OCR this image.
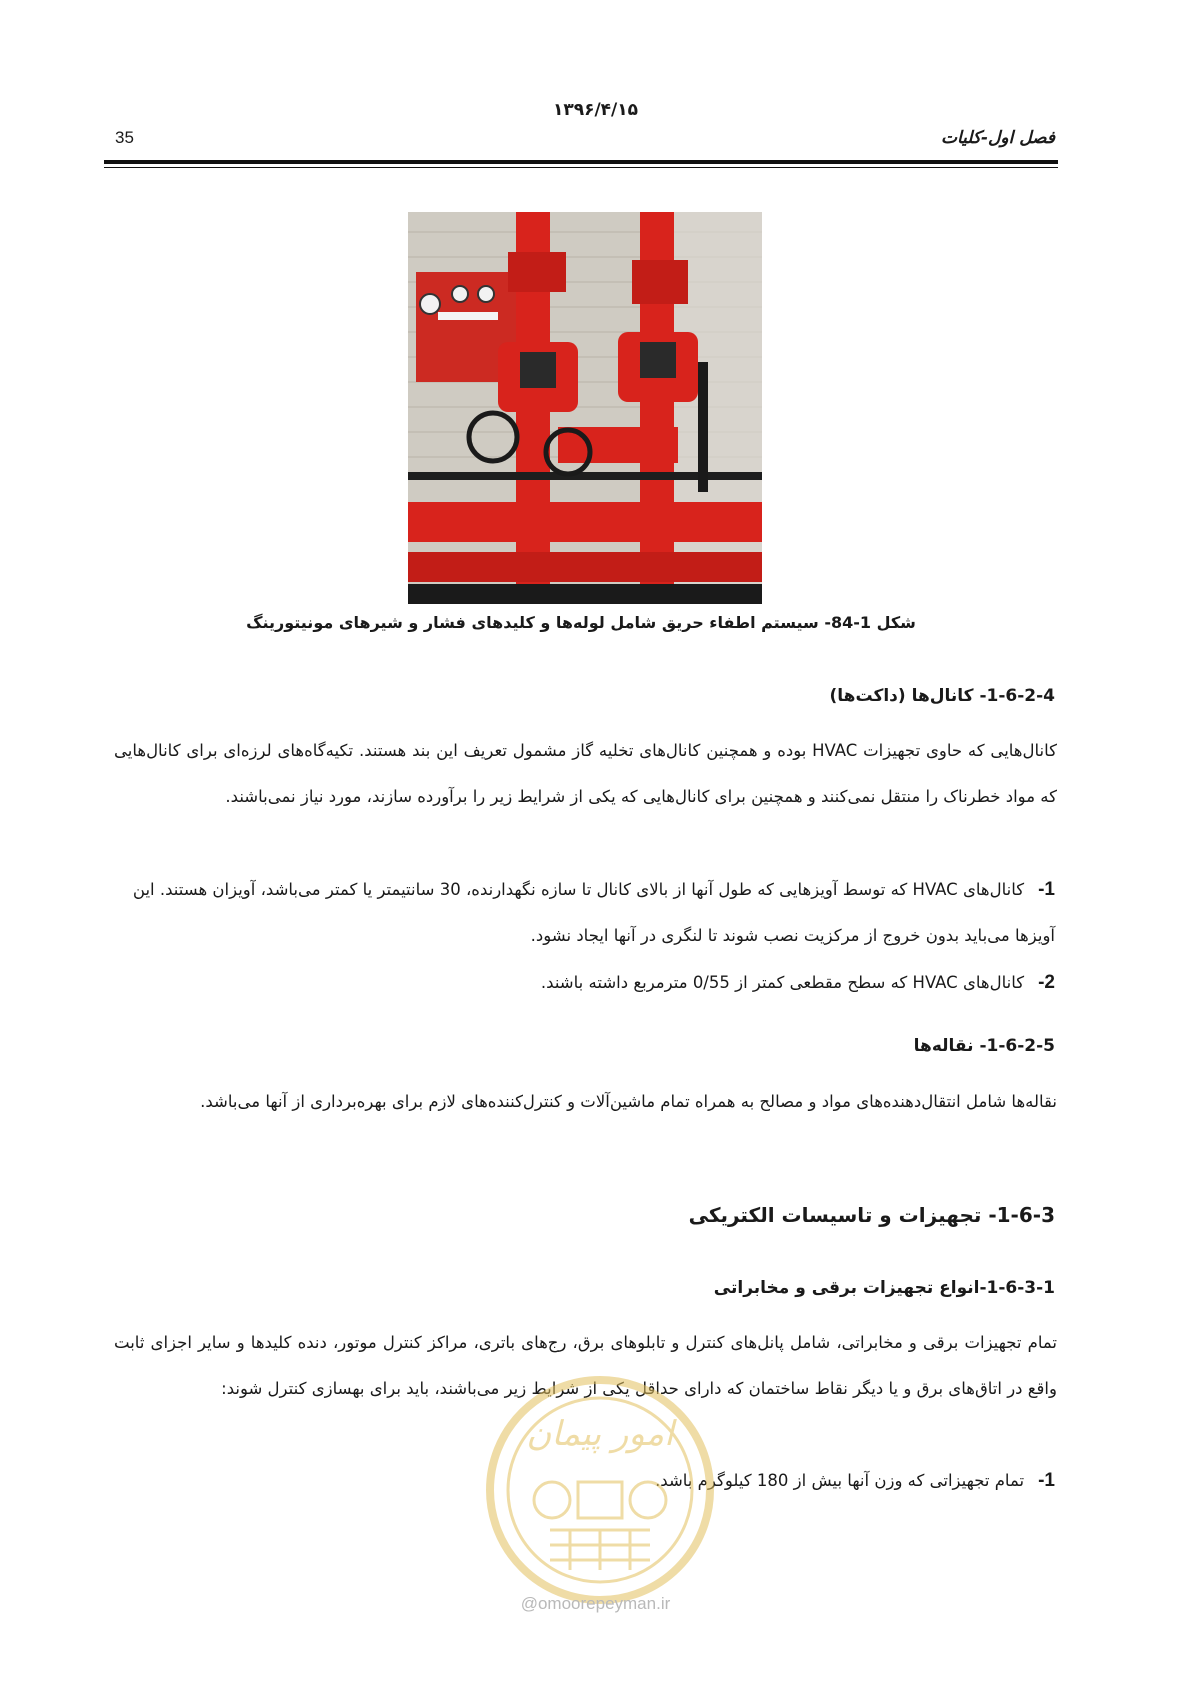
۱۳۹۶/۴/۱۵
35	فصل اول-کلیات
شکل 1-84- سیستم اطفاء حریق شامل لوله‌ها و کلیدهای فشار و شیرهای مونیتورینگ
1-6-2-4- کانال‌ها (داکت‌ها)
کانال‌هایی که حاوی تجهیزات HVAC بوده و همچنین کانال‌های تخلیه گاز مشمول تعریف این بند هستند. تکیه‌گاه‌های لرزه‌ای برای کانال‌هایی که مواد خطرناک را منتقل نمی‌کنند و همچنین برای کانال‌هایی که یکی از شرایط زیر را برآورده سازند، مورد نیاز نمی‌باشند.
1-کانال‌های HVAC که توسط آویزهایی که طول آنها از بالای کانال تا سازه نگهدارنده، 30 سانتیمتر یا کمتر می‌باشد، آویزان هستند. این آویزها می‌باید بدون خروج از مرکزیت نصب شوند تا لنگری در آنها ایجاد نشود.
2-کانال‌های HVAC که سطح مقطعی کمتر از 0/55 مترمربع داشته باشند.
1-6-2-5- نقاله‌ها
نقاله‌ها شامل انتقال‌دهنده‌های مواد و مصالح به همراه تمام ماشین‌آلات و کنترل‌کننده‌های لازم برای بهره‌برداری از آنها می‌باشد.
1-6-3- تجهیزات و تاسیسات الکتریکی
1-6-3-1-انواع تجهیزات برقی و مخابراتی
تمام تجهیزات برقی و مخابراتی، شامل پانل‌های کنترل و تابلوهای برق، رج‌های باتری، مراکز کنترل موتور، دنده کلیدها و سایر اجزای ثابت واقع در اتاق‌های برق و یا دیگر نقاط ساختمان که دارای حداقل یکی از شرایط زیر می‌باشند، باید برای بهسازی کنترل شوند:
1-تمام تجهیزاتی که وزن آنها بیش از 180 کیلوگرم باشد.
امور پیمان
@omoorepeyman.ir
